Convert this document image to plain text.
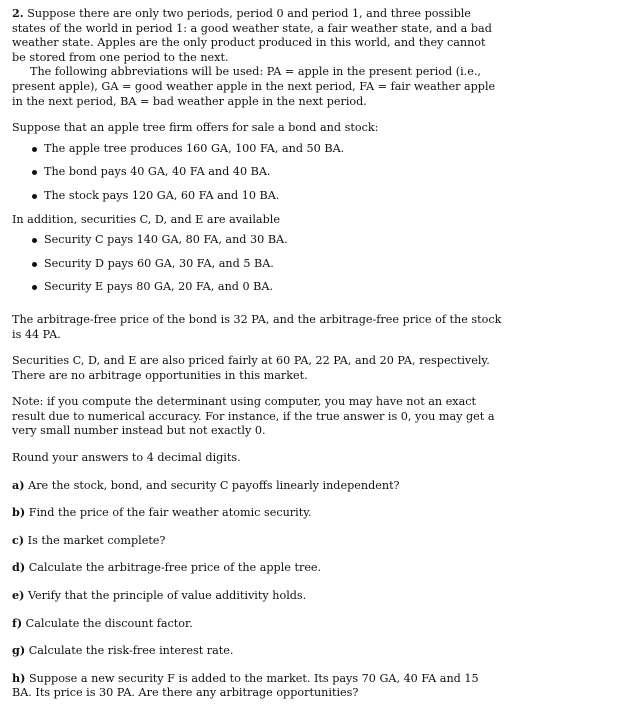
2. Suppose there are only two periods, period 0 and period 1, and three possible states of the world in period 1: a good weather state, a fair weather state, and a bad weather state. Apples are the only product produced in this world, and they cannot be stored from one period to the next.

The following abbreviations will be used: PA = apple in the present period (i.e., present apple), GA = good weather apple in the next period, FA = fair weather apple in the next period, BA = bad weather apple in the next period.

Suppose that an apple tree firm offers for sale a bond and stock:

The apple tree produces 160 GA, 100 FA, and 50 BA.
The bond pays 40 GA, 40 FA and 40 BA.
The stock pays 120 GA, 60 FA and 10 BA.

In addition, securities C, D, and E are available

Security C pays 140 GA, 80 FA, and 30 BA.
Security D pays 60 GA, 30 FA, and 5 BA.
Security E pays 80 GA, 20 FA, and 0 BA.

The arbitrage-free price of the bond is 32 PA, and the arbitrage-free price of the stock is 44 PA.

Securities C, D, and E are also priced fairly at 60 PA, 22 PA, and 20 PA, respectively. There are no arbitrage opportunities in this market.

Note: if you compute the determinant using computer, you may have not an exact result due to numerical accuracy. For instance, if the true answer is 0, you may get a very small number instead but not exactly 0.

Round your answers to 4 decimal digits.

a) Are the stock, bond, and security C payoffs linearly independent?

b) Find the price of the fair weather atomic security.

c) Is the market complete?

d) Calculate the arbitrage-free price of the apple tree.

e) Verify that the principle of value additivity holds.

f) Calculate the discount factor.

g) Calculate the risk-free interest rate.

h) Suppose a new security F is added to the market. Its pays 70 GA, 40 FA and 15 BA. Its price is 30 PA. Are there any arbitrage opportunities?
